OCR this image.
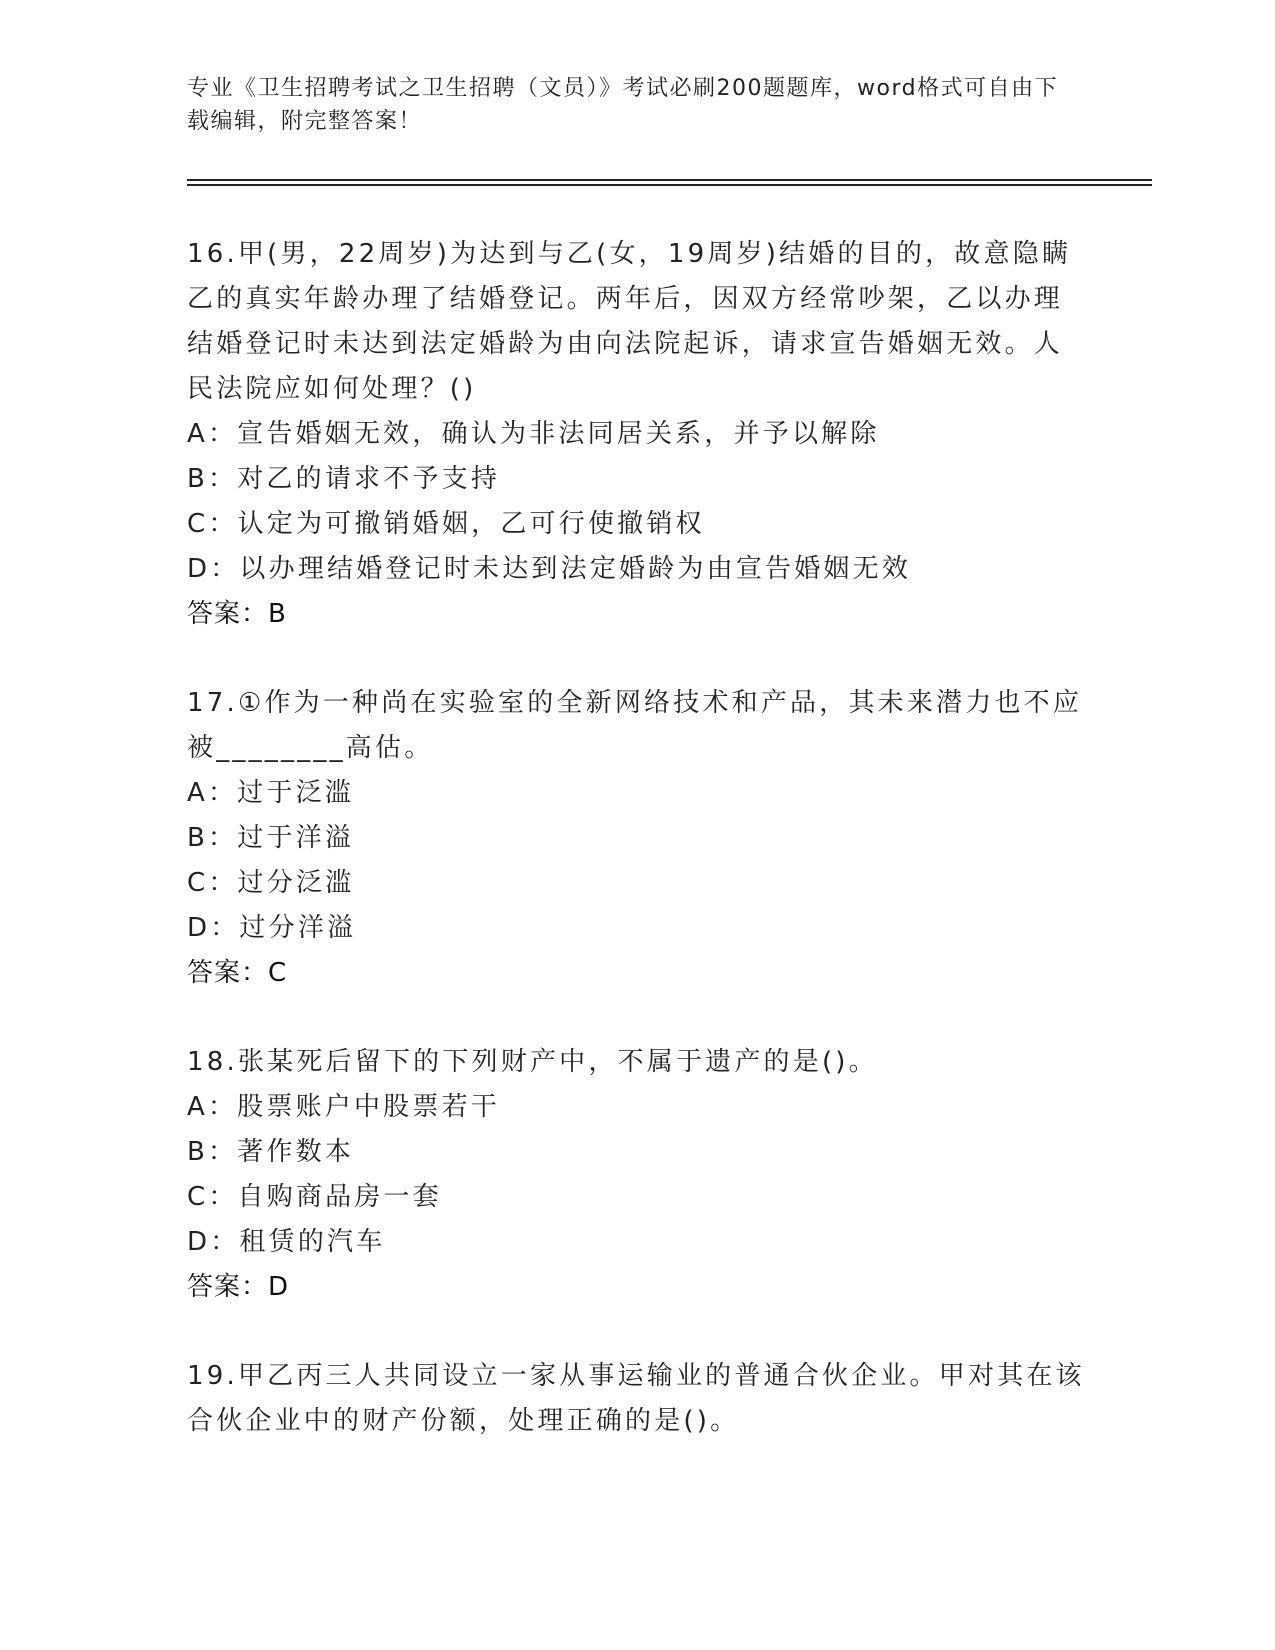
专业《卫生招聘考试之卫生招聘（文员）》考试必刷200题题库，word格式可自由下载编辑，附完整答案！

16.甲(男，22周岁)为达到与乙(女，19周岁)结婚的目的，故意隐瞒乙的真实年龄办理了结婚登记。两年后，因双方经常吵架，乙以办理结婚登记时未达到法定婚龄为由向法院起诉，请求宣告婚姻无效。人民法院应如何处理？()

A：宣告婚姻无效，确认为非法同居关系，并予以解除

B：对乙的请求不予支持

C：认定为可撤销婚姻，乙可行使撤销权

D：以办理结婚登记时未达到法定婚龄为由宣告婚姻无效

答案：B

17.①作为一种尚在实验室的全新网络技术和产品，其未来潜力也不应被________高估。

A：过于泛滥

B：过于洋溢

C：过分泛滥

D：过分洋溢

答案：C

18.张某死后留下的下列财产中，不属于遗产的是()。

A：股票账户中股票若干

B：著作数本

C：自购商品房一套

D：租赁的汽车

答案：D

19.甲乙丙三人共同设立一家从事运输业的普通合伙企业。甲对其在该合伙企业中的财产份额，处理正确的是()。
